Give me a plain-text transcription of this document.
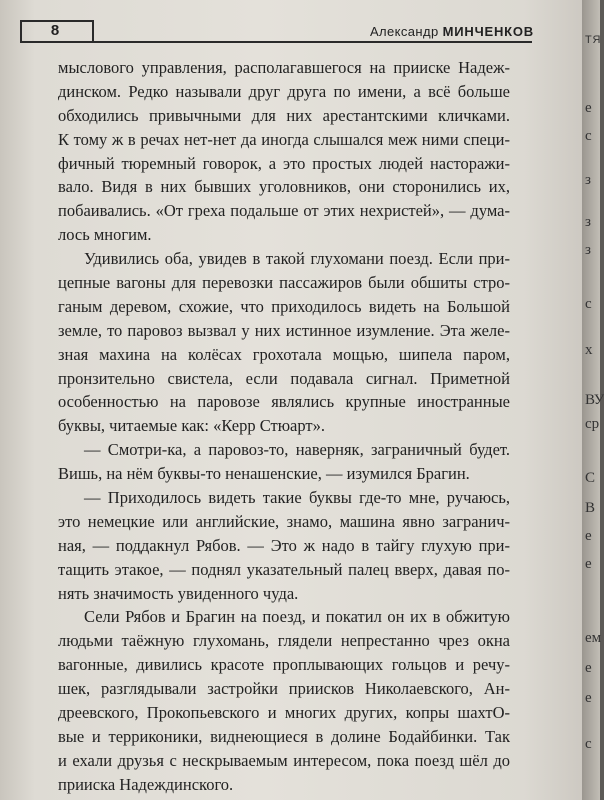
8	Александр МИНЧЕНКОВ
мыслового управления, располагавшегося на прииске Надеж-
динском. Редко называли друг друга по имени, а всё больше
обходились привычными для них арестантскими кличками.
К тому ж в речах нет-нет да иногда слышался меж ними специ-
фичный тюремный говорок, а это простых людей насторажи-
вало. Видя в них бывших уголовников, они сторонились их,
побаивались. «От греха подальше от этих нехристей», — дума-
лось многим.
Удивились оба, увидев в такой глухомани поезд. Если при-
цепные вагоны для перевозки пассажиров были обшиты стро-
ганым деревом, схожие, что приходилось видеть на Большой
земле, то паровоз вызвал у них истинное изумление. Эта желе-
зная махина на колёсах грохотала мощью, шипела паром,
пронзительно свистела, если подавала сигнал. Приметной
особенностью на паровозе являлись крупные иностранные
буквы, читаемые как: «Керр Стюарт».
— Смотри-ка, а паровоз-то, наверняк, заграничный будет.
Вишь, на нём буквы-то ненашенские, — изумился Брагин.
— Приходилось видеть такие буквы где-то мне, ручаюсь,
это немецкие или английские, знамо, машина явно загранич-
ная, — поддакнул Рябов. — Это ж надо в тайгу глухую при-
тащить этакое, — поднял указательный палец вверх, давая по-
нять значимость увиденного чуда.
Сели Рябов и Брагин на поезд, и покатил он их в обжитую
людьми таёжную глухомань, глядели непрестанно чрез окна
вагонные, дивились красоте проплывающих гольцов и речу-
шек, разглядывали застройки приисков Николаевского, Ан-
дреевского, Прокопьевского и многих других, копры шахтО-
вые и терриконики, виднеющиеся в долине Бодайбинки. Так
и ехали друзья с нескрываемым интересом, пока поезд шёл до
прииска Надеждинского.
ТЯ
е
с
з
з
з
с
х
ВУ
ср
С
В
е
е
ем
е
е
с
